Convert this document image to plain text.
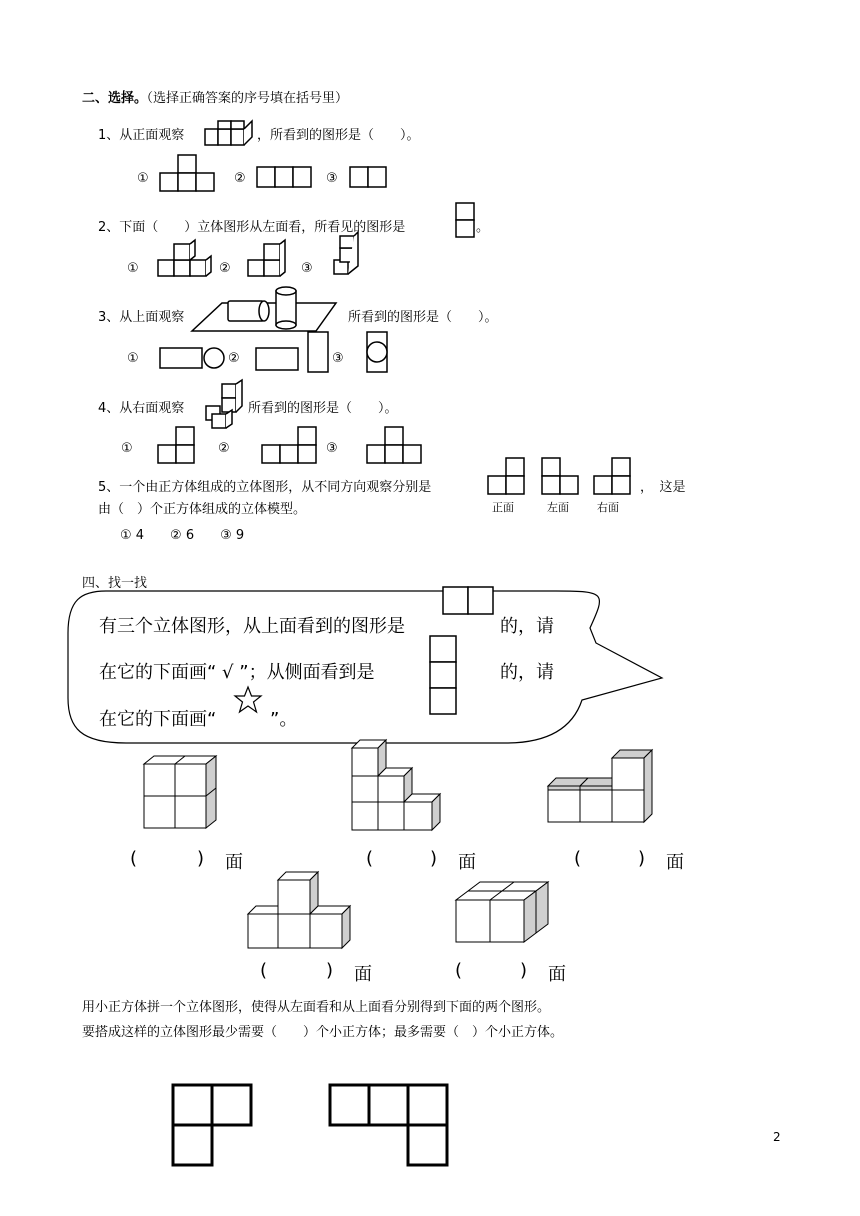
二、选择。
（选择正确答案的序号填在括号里）
1、从正面观察	，所看到的图形是（　　）。
①	②	③
2、下面（　　）立体图形从左面看，所看见的图形是	。
①	②	③
3、从上面观察	所看到的图形是（　　）。
①	②	③
4、从右面观察	所看到的图形是（　　）。
①	②	③
5、一个由正方体组成的立体图形，从不同方向观察分别是	，　这是
正面	左面	右面
由（　）个正方体组成的立体模型。
① 4　　② 6　　③ 9
四、找一找
有三个立体图形，从上面看到的图形是	的，请
在它的下面画“ √ ”；从侧面看到是	的，请
在它的下面画“	”。
(	) 面	(	) 面	(	) 面
(	) 面	(	) 面
用小正方体拼一个立体图形，使得从左面看和从上面看分别得到下面的两个图形。
要搭成这样的立体图形最少需要（　　）个小正方体；最多需要（　）个小正方体。
2
